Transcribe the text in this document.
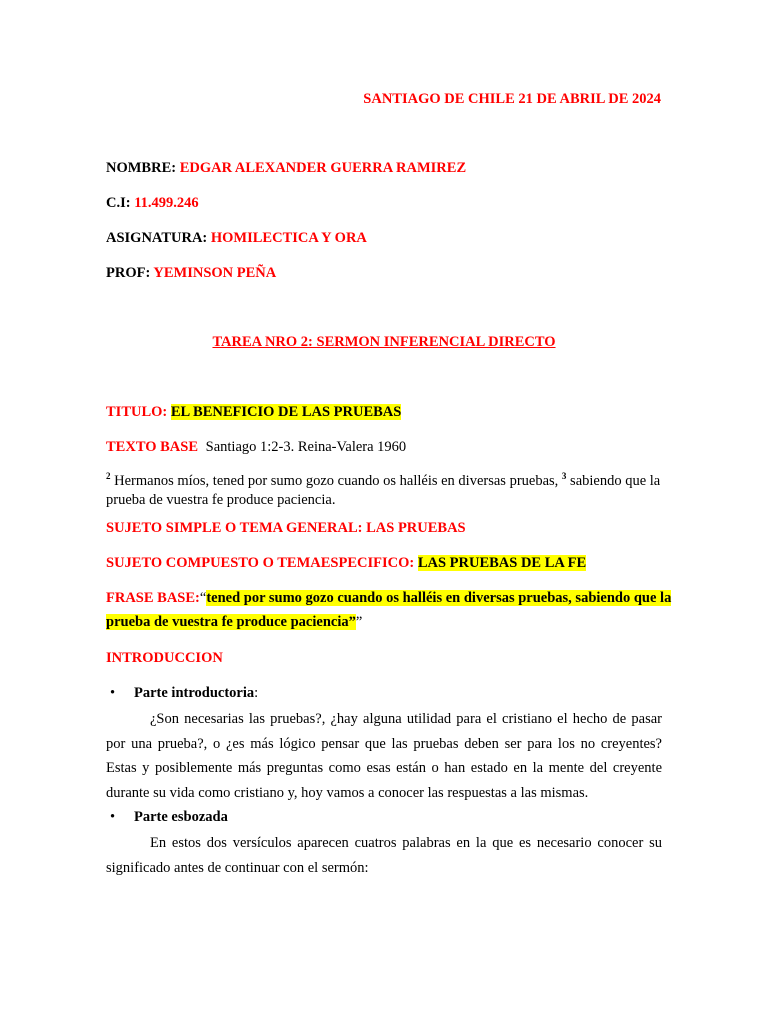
SANTIAGO DE CHILE 21 DE ABRIL DE 2024
NOMBRE: EDGAR ALEXANDER GUERRA RAMIREZ
C.I: 11.499.246
ASIGNATURA: HOMILECTICA Y ORA
PROF: YEMINSON PEÑA
TAREA NRO 2: SERMON INFERENCIAL DIRECTO
TITULO: EL BENEFICIO DE LAS PRUEBAS
TEXTO BASE Santiago 1:2-3. Reina-Valera 1960
$^2$ Hermanos míos, tened por sumo gozo cuando os halléis en diversas pruebas, $^3$ sabiendo que la prueba de vuestra fe produce paciencia.
SUJETO SIMPLE O TEMA GENERAL: LAS PRUEBAS
SUJETO COMPUESTO O TEMAESPECIFICO: LAS PRUEBAS DE LA FE
FRASE BASE:“tened por sumo gozo cuando os halléis en diversas pruebas, sabiendo que la
prueba de vuestra fe produce paciencia””
INTRODUCCION
• Parte introductoria:
¿Son necesarias las pruebas?, ¿hay alguna utilidad para el cristiano el hecho de pasar por una prueba?, o ¿es más lógico pensar que las pruebas deben ser para los no creyentes? Estas y posiblemente más preguntas como esas están o han estado en la mente del creyente durante su vida como cristiano y, hoy vamos a conocer las respuestas a las mismas.
• Parte esbozada
En estos dos versículos aparecen cuatros palabras en la que es necesario conocer su significado antes de continuar con el sermón:
